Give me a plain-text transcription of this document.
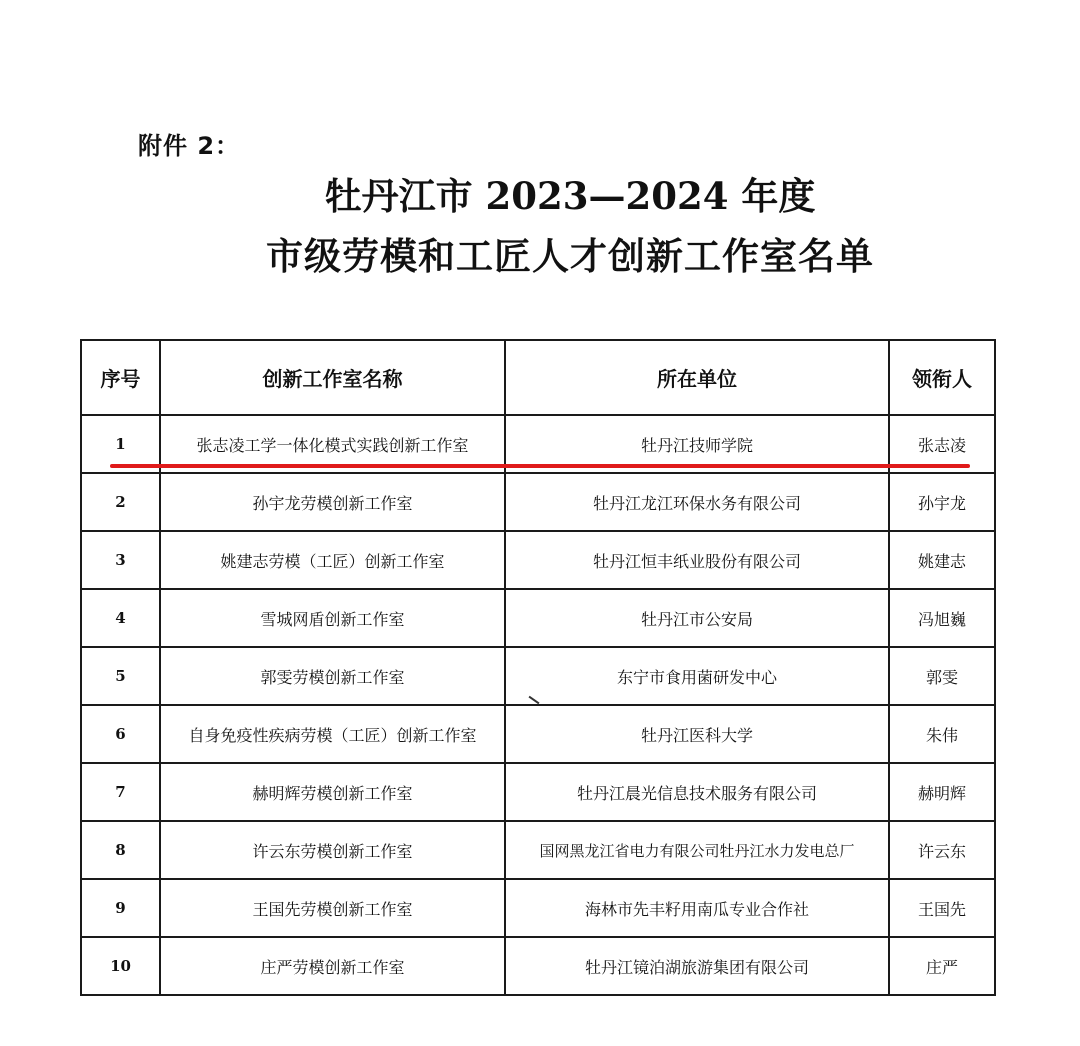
附件 2：
牡丹江市 2023—2024 年度
市级劳模和工匠人才创新工作室名单
序号	创新工作室名称	所在单位	领衔人
1	张志凌工学一体化模式实践创新工作室	牡丹江技师学院	张志凌
2	孙宇龙劳模创新工作室	牡丹江龙江环保水务有限公司	孙宇龙
3	姚建志劳模（工匠）创新工作室	牡丹江恒丰纸业股份有限公司	姚建志
4	雪城网盾创新工作室	牡丹江市公安局	冯旭巍
5	郭雯劳模创新工作室	东宁市食用菌研发中心	郭雯
6	自身免疫性疾病劳模（工匠）创新工作室	牡丹江医科大学	朱伟
7	赫明辉劳模创新工作室	牡丹江晨光信息技术服务有限公司	赫明辉
8	许云东劳模创新工作室	国网黑龙江省电力有限公司牡丹江水力发电总厂	许云东
9	王国先劳模创新工作室	海林市先丰籽用南瓜专业合作社	王国先
10	庄严劳模创新工作室	牡丹江镜泊湖旅游集团有限公司	庄严
